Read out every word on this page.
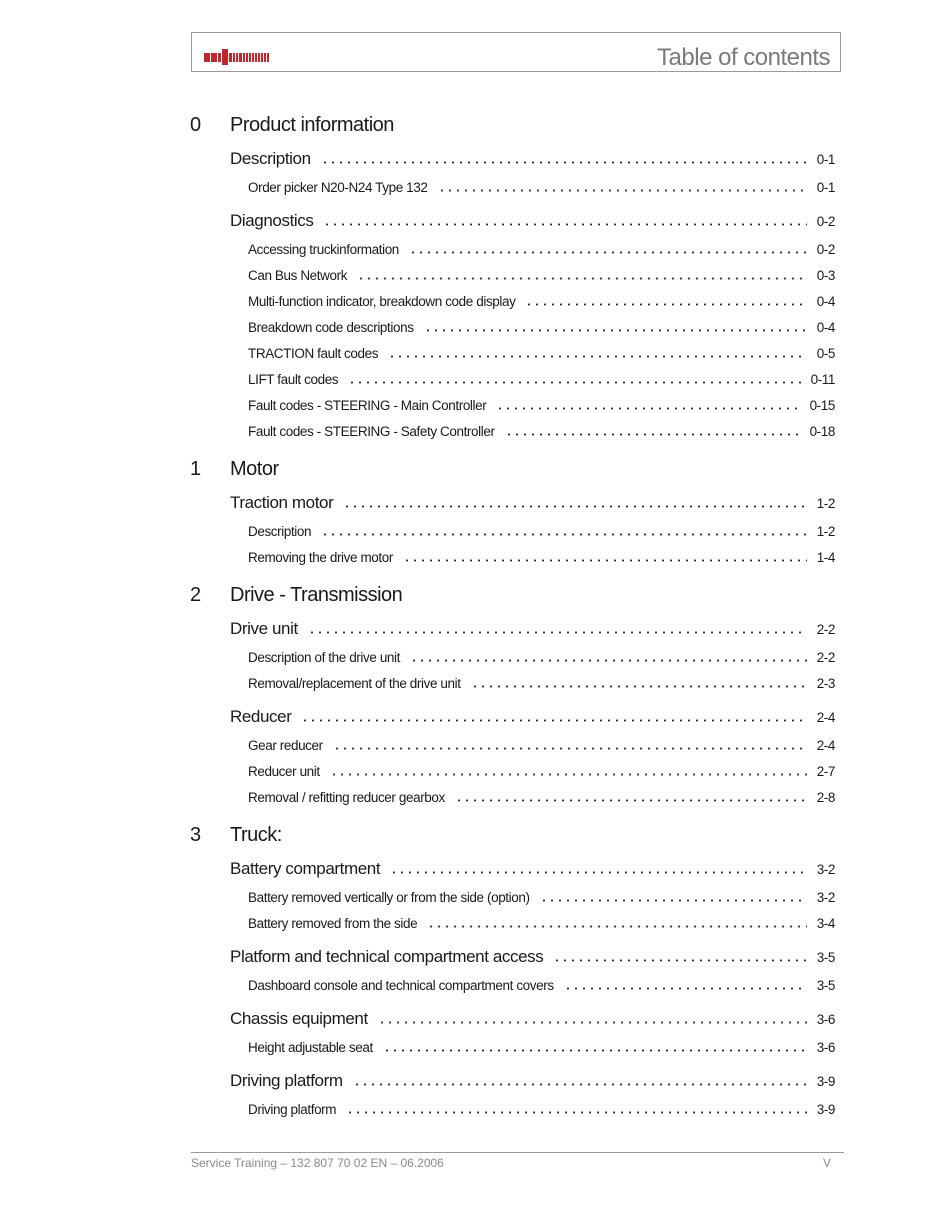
Table of contents
0 Product information
Description	0-1
Order picker N20-N24 Type 132	0-1
Diagnostics	0-2
Accessing truckinformation	0-2
Can Bus Network	0-3
Multi-function indicator, breakdown code display	0-4
Breakdown code descriptions	0-4
TRACTION fault codes	0-5
LIFT fault codes	0-11
Fault codes - STEERING - Main Controller	0-15
Fault codes - STEERING - Safety Controller	0-18
1 Motor
Traction motor	1-2
Description	1-2
Removing the drive motor	1-4
2 Drive - Transmission
Drive unit	2-2
Description of the drive unit	2-2
Removal/replacement of the drive unit	2-3
Reducer	2-4
Gear reducer	2-4
Reducer unit	2-7
Removal / refitting reducer gearbox	2-8
3 Truck:
Battery compartment	3-2
Battery removed vertically or from the side (option)	3-2
Battery removed from the side	3-4
Platform and technical compartment access	3-5
Dashboard console and technical compartment covers	3-5
Chassis equipment	3-6
Height adjustable seat	3-6
Driving platform	3-9
Driving platform	3-9
Service Training – 132 807 70 02 EN – 06.2006	V
